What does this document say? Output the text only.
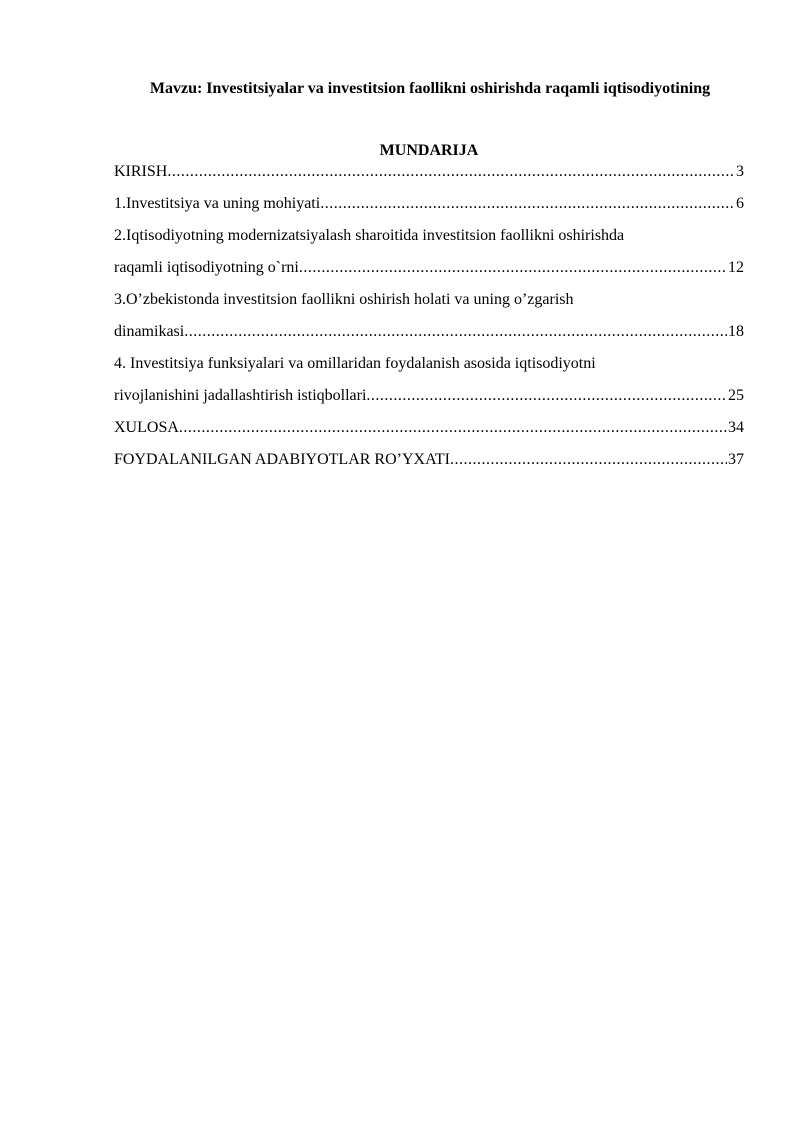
Mavzu: Investitsiyalar va investitsion faollikni oshirishda raqamli iqtisodiyotining
MUNDARIJA
KIRISH .....	3
1.Investitsiya va uning mohiyati .....	6
2.Iqtisodiyotning modernizatsiyalash sharoitida investitsion faollikni oshirishda
raqamli iqtisodiyotning o`rni .....	12
3.O’zbekistonda investitsion faollikni oshirish holati va uning o’zgarish
dinamikasi .....	18
4. Investitsiya funksiyalari va omillaridan foydalanish asosida iqtisodiyotni
rivojlanishini jadallashtirish istiqbollari .....	25
XULOSA .....	34
FOYDALANILGAN ADABIYOTLAR RO’YXATI .....	37
